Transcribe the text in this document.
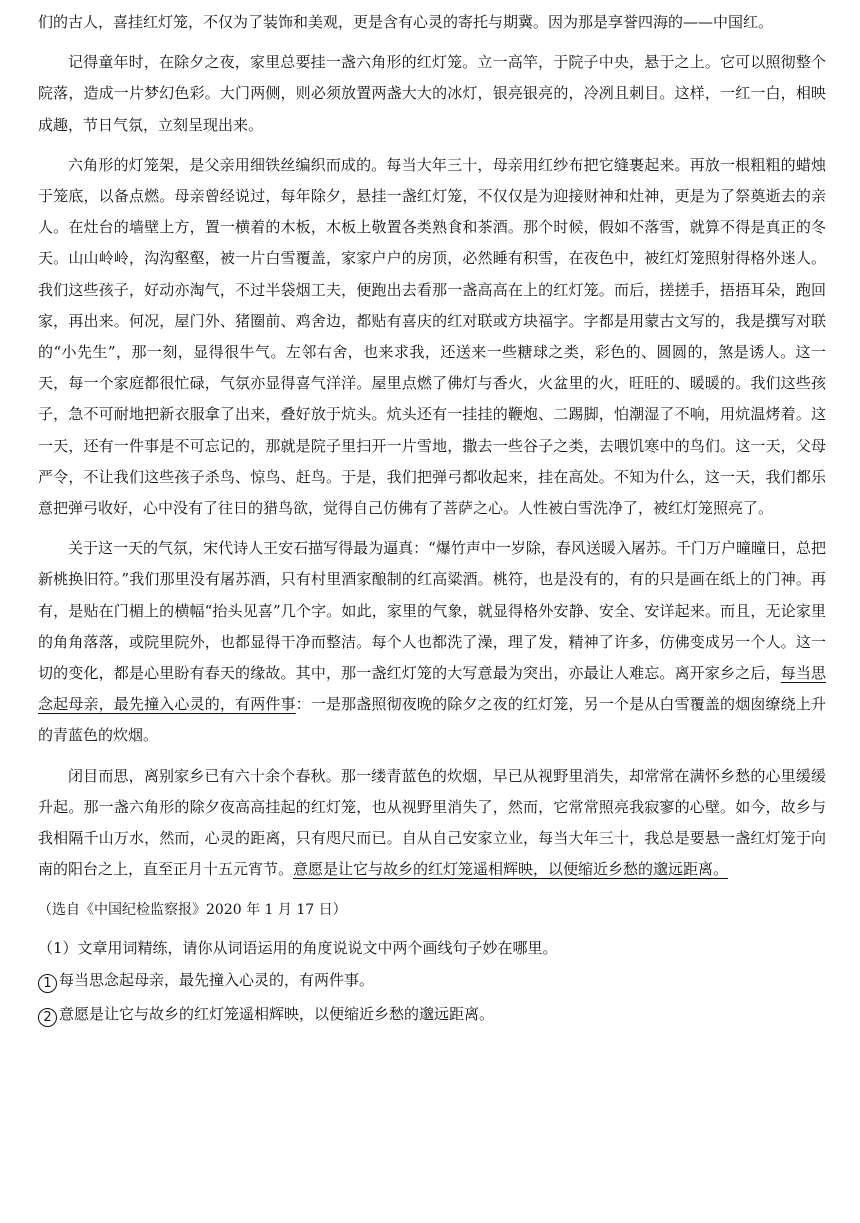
们的古人，喜挂红灯笼，不仅为了装饰和美观，更是含有心灵的寄托与期冀。因为那是享誉四海的——中国红。

记得童年时，在除夕之夜，家里总要挂一盏六角形的红灯笼。立一高竿，于院子中央，悬于之上。它可以照彻整个院落，造成一片梦幻色彩。大门两侧，则必须放置两盏大大的冰灯，银亮银亮的，冷冽且刺目。这样，一红一白，相映成趣，节日气氛，立刻呈现出来。

六角形的灯笼架，是父亲用细铁丝编织而成的。每当大年三十，母亲用红纱布把它缝裹起来。再放一根粗粗的蜡烛于笼底，以备点燃。母亲曾经说过，每年除夕，悬挂一盏红灯笼，不仅仅是为迎接财神和灶神，更是为了祭奠逝去的亲人。在灶台的墙壁上方，置一横着的木板，木板上敬置各类熟食和茶酒。那个时候，假如不落雪，就算不得是真正的冬天。山山岭岭，沟沟壑壑，被一片白雪覆盖，家家户户的房顶，必然睡有积雪，在夜色中，被红灯笼照射得格外迷人。我们这些孩子，好动亦淘气，不过半袋烟工夫，便跑出去看那一盏高高在上的红灯笼。而后，搓搓手，捂捂耳朵，跑回家，再出来。何况，屋门外、猪圈前、鸡舍边，都贴有喜庆的红对联或方块福字。字都是用蒙古文写的，我是撰写对联的“小先生”，那一刻，显得很牛气。左邻右舍，也来求我，还送来一些糖球之类，彩色的、圆圆的，煞是诱人。这一天，每一个家庭都很忙碌，气氛亦显得喜气洋洋。屋里点燃了佛灯与香火，火盆里的火，旺旺的、暖暖的。我们这些孩子，急不可耐地把新衣服拿了出来，叠好放于炕头。炕头还有一挂挂的鞭炮、二踢脚，怕潮湿了不响，用炕温烤着。这一天，还有一件事是不可忘记的，那就是院子里扫开一片雪地，撒去一些谷子之类，去喂饥寒中的鸟们。这一天，父母严令，不让我们这些孩子杀鸟、惊鸟、赶鸟。于是，我们把弹弓都收起来，挂在高处。不知为什么，这一天，我们都乐意把弹弓收好，心中没有了往日的猎鸟欲，觉得自己仿佛有了菩萨之心。人性被白雪洗净了，被红灯笼照亮了。

关于这一天的气氛，宋代诗人王安石描写得最为逼真：“爆竹声中一岁除，春风送暖入屠苏。千门万户曈曈日，总把新桃换旧符。”我们那里没有屠苏酒，只有村里酒家酿制的红高粱酒。桃符，也是没有的，有的只是画在纸上的门神。再有，是贴在门楣上的横幅“抬头见喜”几个字。如此，家里的气象，就显得格外安静、安全、安详起来。而且，无论家里的角角落落，或院里院外，也都显得干净而整洁。每个人也都洗了澡，理了发，精神了许多，仿佛变成另一个人。这一切的变化，都是心里盼有春天的缘故。其中，那一盏红灯笼的大写意最为突出，亦最让人难忘。离开家乡之后，每当思念起母亲，最先撞入心灵的，有两件事：一是那盏照彻夜晚的除夕之夜的红灯笼，另一个是从白雪覆盖的烟囱缭绕上升的青蓝色的炊烟。

闭目而思，离别家乡已有六十余个春秋。那一缕青蓝色的炊烟，早已从视野里消失，却常常在满怀乡愁的心里缓缓升起。那一盏六角形的除夕夜高高挂起的红灯笼，也从视野里消失了，然而，它常常照亮我寂寥的心壁。如今，故乡与我相隔千山万水，然而，心灵的距离，只有咫尺而已。自从自己安家立业，每当大年三十，我总是要悬一盏红灯笼于向南的阳台之上，直至正月十五元宵节。意愿是让它与故乡的红灯笼遥相辉映，以便缩近乡愁的邈远距离。

（选自《中国纪检监察报》2020 年 1 月 17 日）

（1）文章用词精练，请你从词语运用的角度说说文中两个画线句子妙在哪里。

1 每当思念起母亲，最先撞入心灵的，有两件事。

2 意愿是让它与故乡的红灯笼遥相辉映，以便缩近乡愁的邈远距离。
